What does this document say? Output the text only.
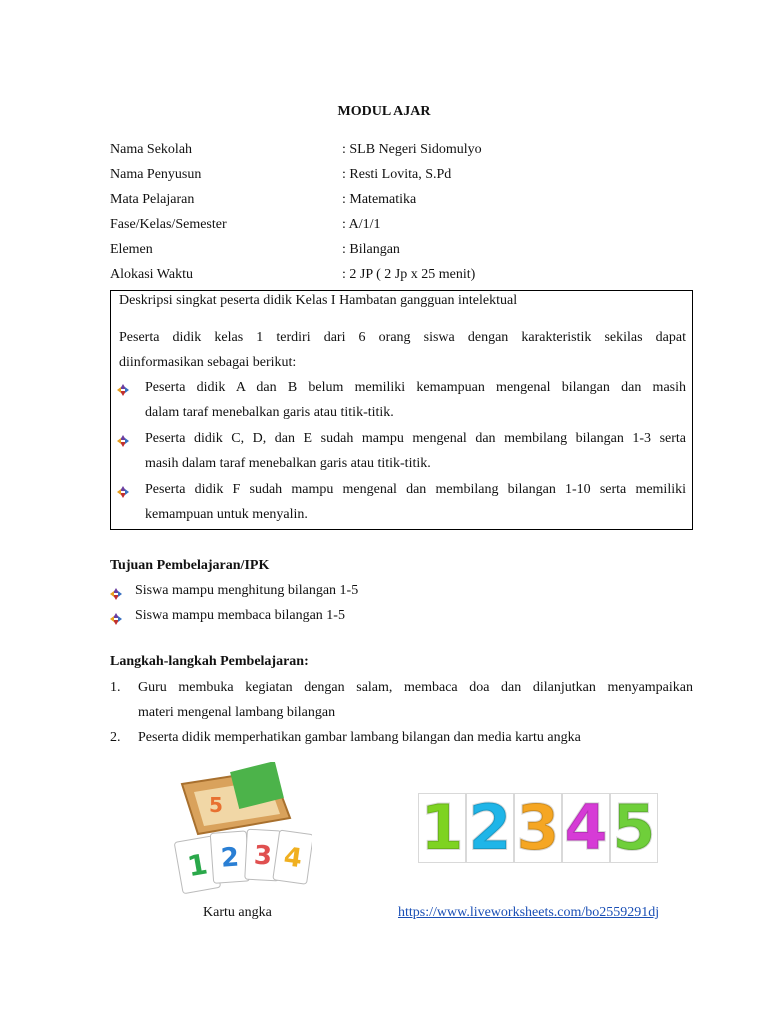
MODUL AJAR
Nama Sekolah	: SLB Negeri Sidomulyo
Nama Penyusun	: Resti Lovita, S.Pd
Mata Pelajaran	: Matematika
Fase/Kelas/Semester	: A/1/1
Elemen	: Bilangan
Alokasi Waktu	: 2 JP ( 2 Jp x 25 menit)
Deskripsi singkat peserta didik Kelas I Hambatan gangguan intelektual
Peserta didik kelas 1 terdiri dari 6 orang siswa dengan karakteristik sekilas dapat
diinformasikan sebagai berikut:
Peserta didik A dan B belum memiliki kemampuan mengenal bilangan dan masih
dalam taraf menebalkan garis atau titik-titik.
Peserta didik C, D, dan E sudah mampu mengenal dan membilang bilangan 1-3 serta
masih dalam taraf menebalkan garis atau titik-titik.
Peserta didik F sudah mampu mengenal dan membilang bilangan 1-10 serta memiliki
kemampuan untuk menyalin.
Tujuan Pembelajaran/IPK
Siswa mampu menghitung bilangan 1-5
Siswa mampu membaca bilangan 1-5
Langkah-langkah Pembelajaran:
1. Guru membuka kegiatan dengan salam, membaca doa dan dilanjutkan menyampaikan
materi mengenal lambang bilangan
2. Peserta didik memperhatikan gambar lambang bilangan dan media kartu angka
1 2 3 4
5
Kartu angka
1 2 3 4 5
https://www.liveworksheets.com/bo2559291dj
